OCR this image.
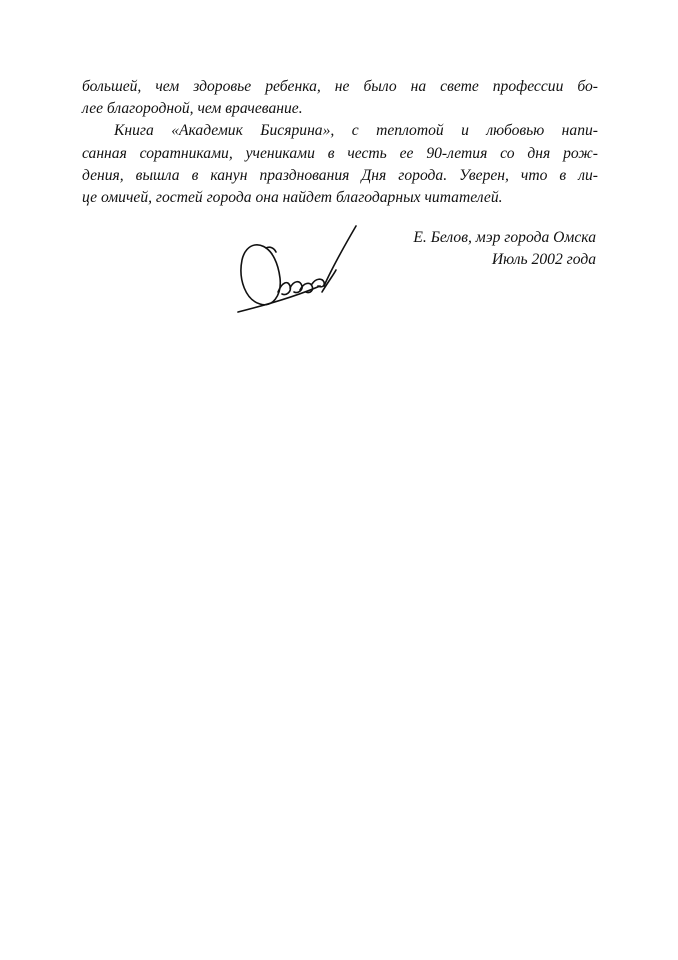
большей, чем здоровье ребенка, не было на свете профессии бо-
лее благородной, чем врачевание.

Книга «Академик Бисярина», с теплотой и любовью напи-
санная соратниками, учениками в честь ее 90-летия со дня рож-
дения, вышла в канун празднования Дня города. Уверен, что в ли-
це омичей, гостей города она найдет благодарных читателей.

Е. Белов, мэр города Омска
Июль 2002 года
